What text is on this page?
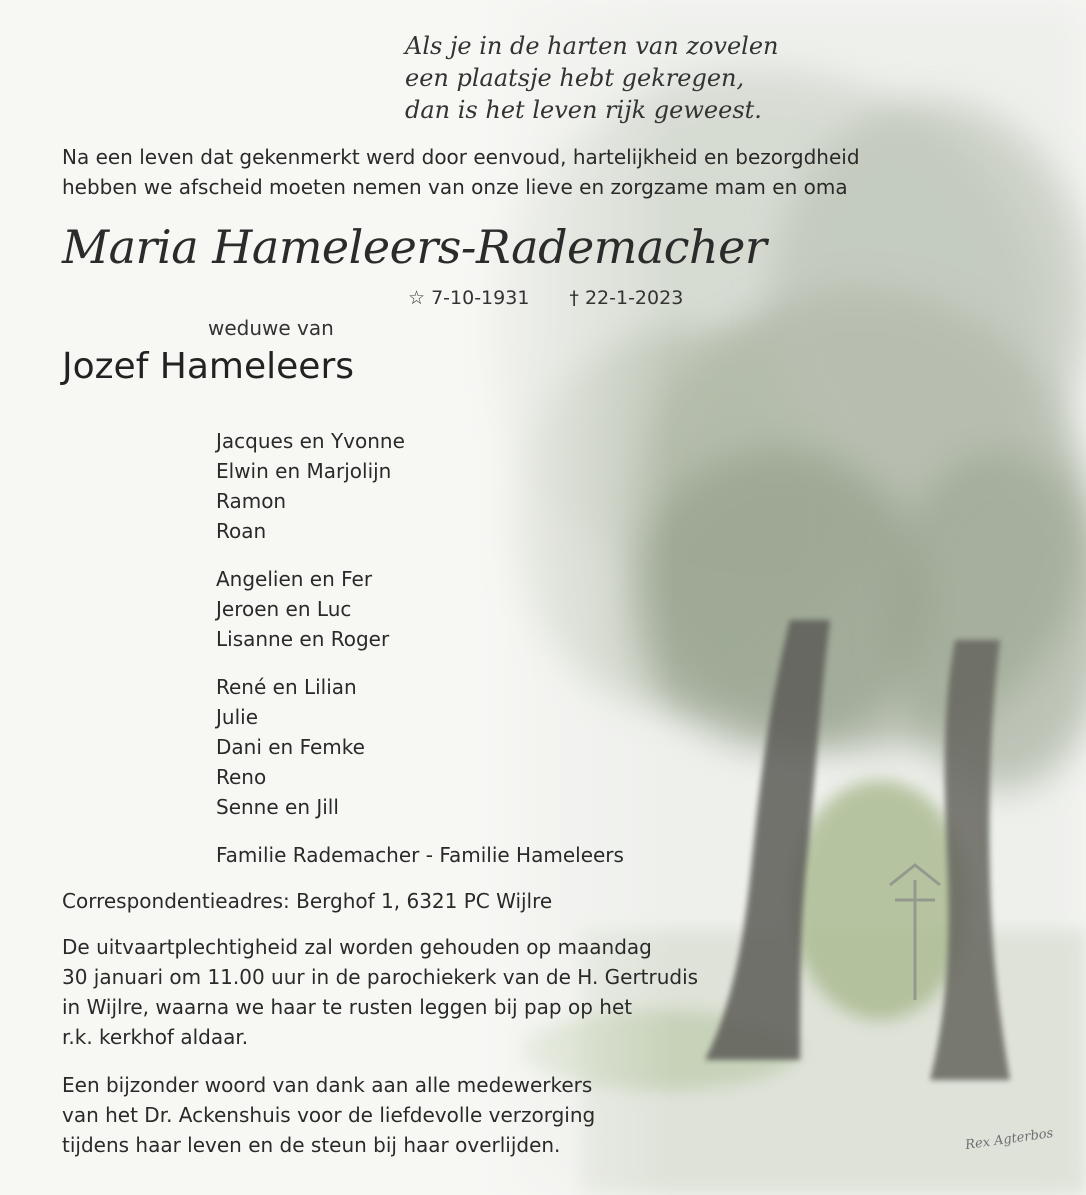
Als je in de harten van zovelen
een plaatsje hebt gekregen,
dan is het leven rijk geweest.
Na een leven dat gekenmerkt werd door eenvoud, hartelijkheid en bezorgdheid
hebben we afscheid moeten nemen van onze lieve en zorgzame mam en oma
Maria Hameleers-Rademacher
☆ 7-10-1931 † 22-1-2023
weduwe van
Jozef Hameleers
Jacques en Yvonne
Elwin en Marjolijn
Ramon
Roan
Angelien en Fer
Jeroen en Luc
Lisanne en Roger
René en Lilian
Julie
Dani en Femke
Reno
Senne en Jill
Familie Rademacher - Familie Hameleers
Correspondentieadres: Berghof 1, 6321 PC Wijlre
De uitvaartplechtigheid zal worden gehouden op maandag
30 januari om 11.00 uur in de parochiekerk van de H. Gertrudis
in Wijlre, waarna we haar te rusten leggen bij pap op het
r.k. kerkhof aldaar.
Een bijzonder woord van dank aan alle medewerkers
van het Dr. Ackenshuis voor de liefdevolle verzorging
tijdens haar leven en de steun bij haar overlijden.	Rex Agterbos
